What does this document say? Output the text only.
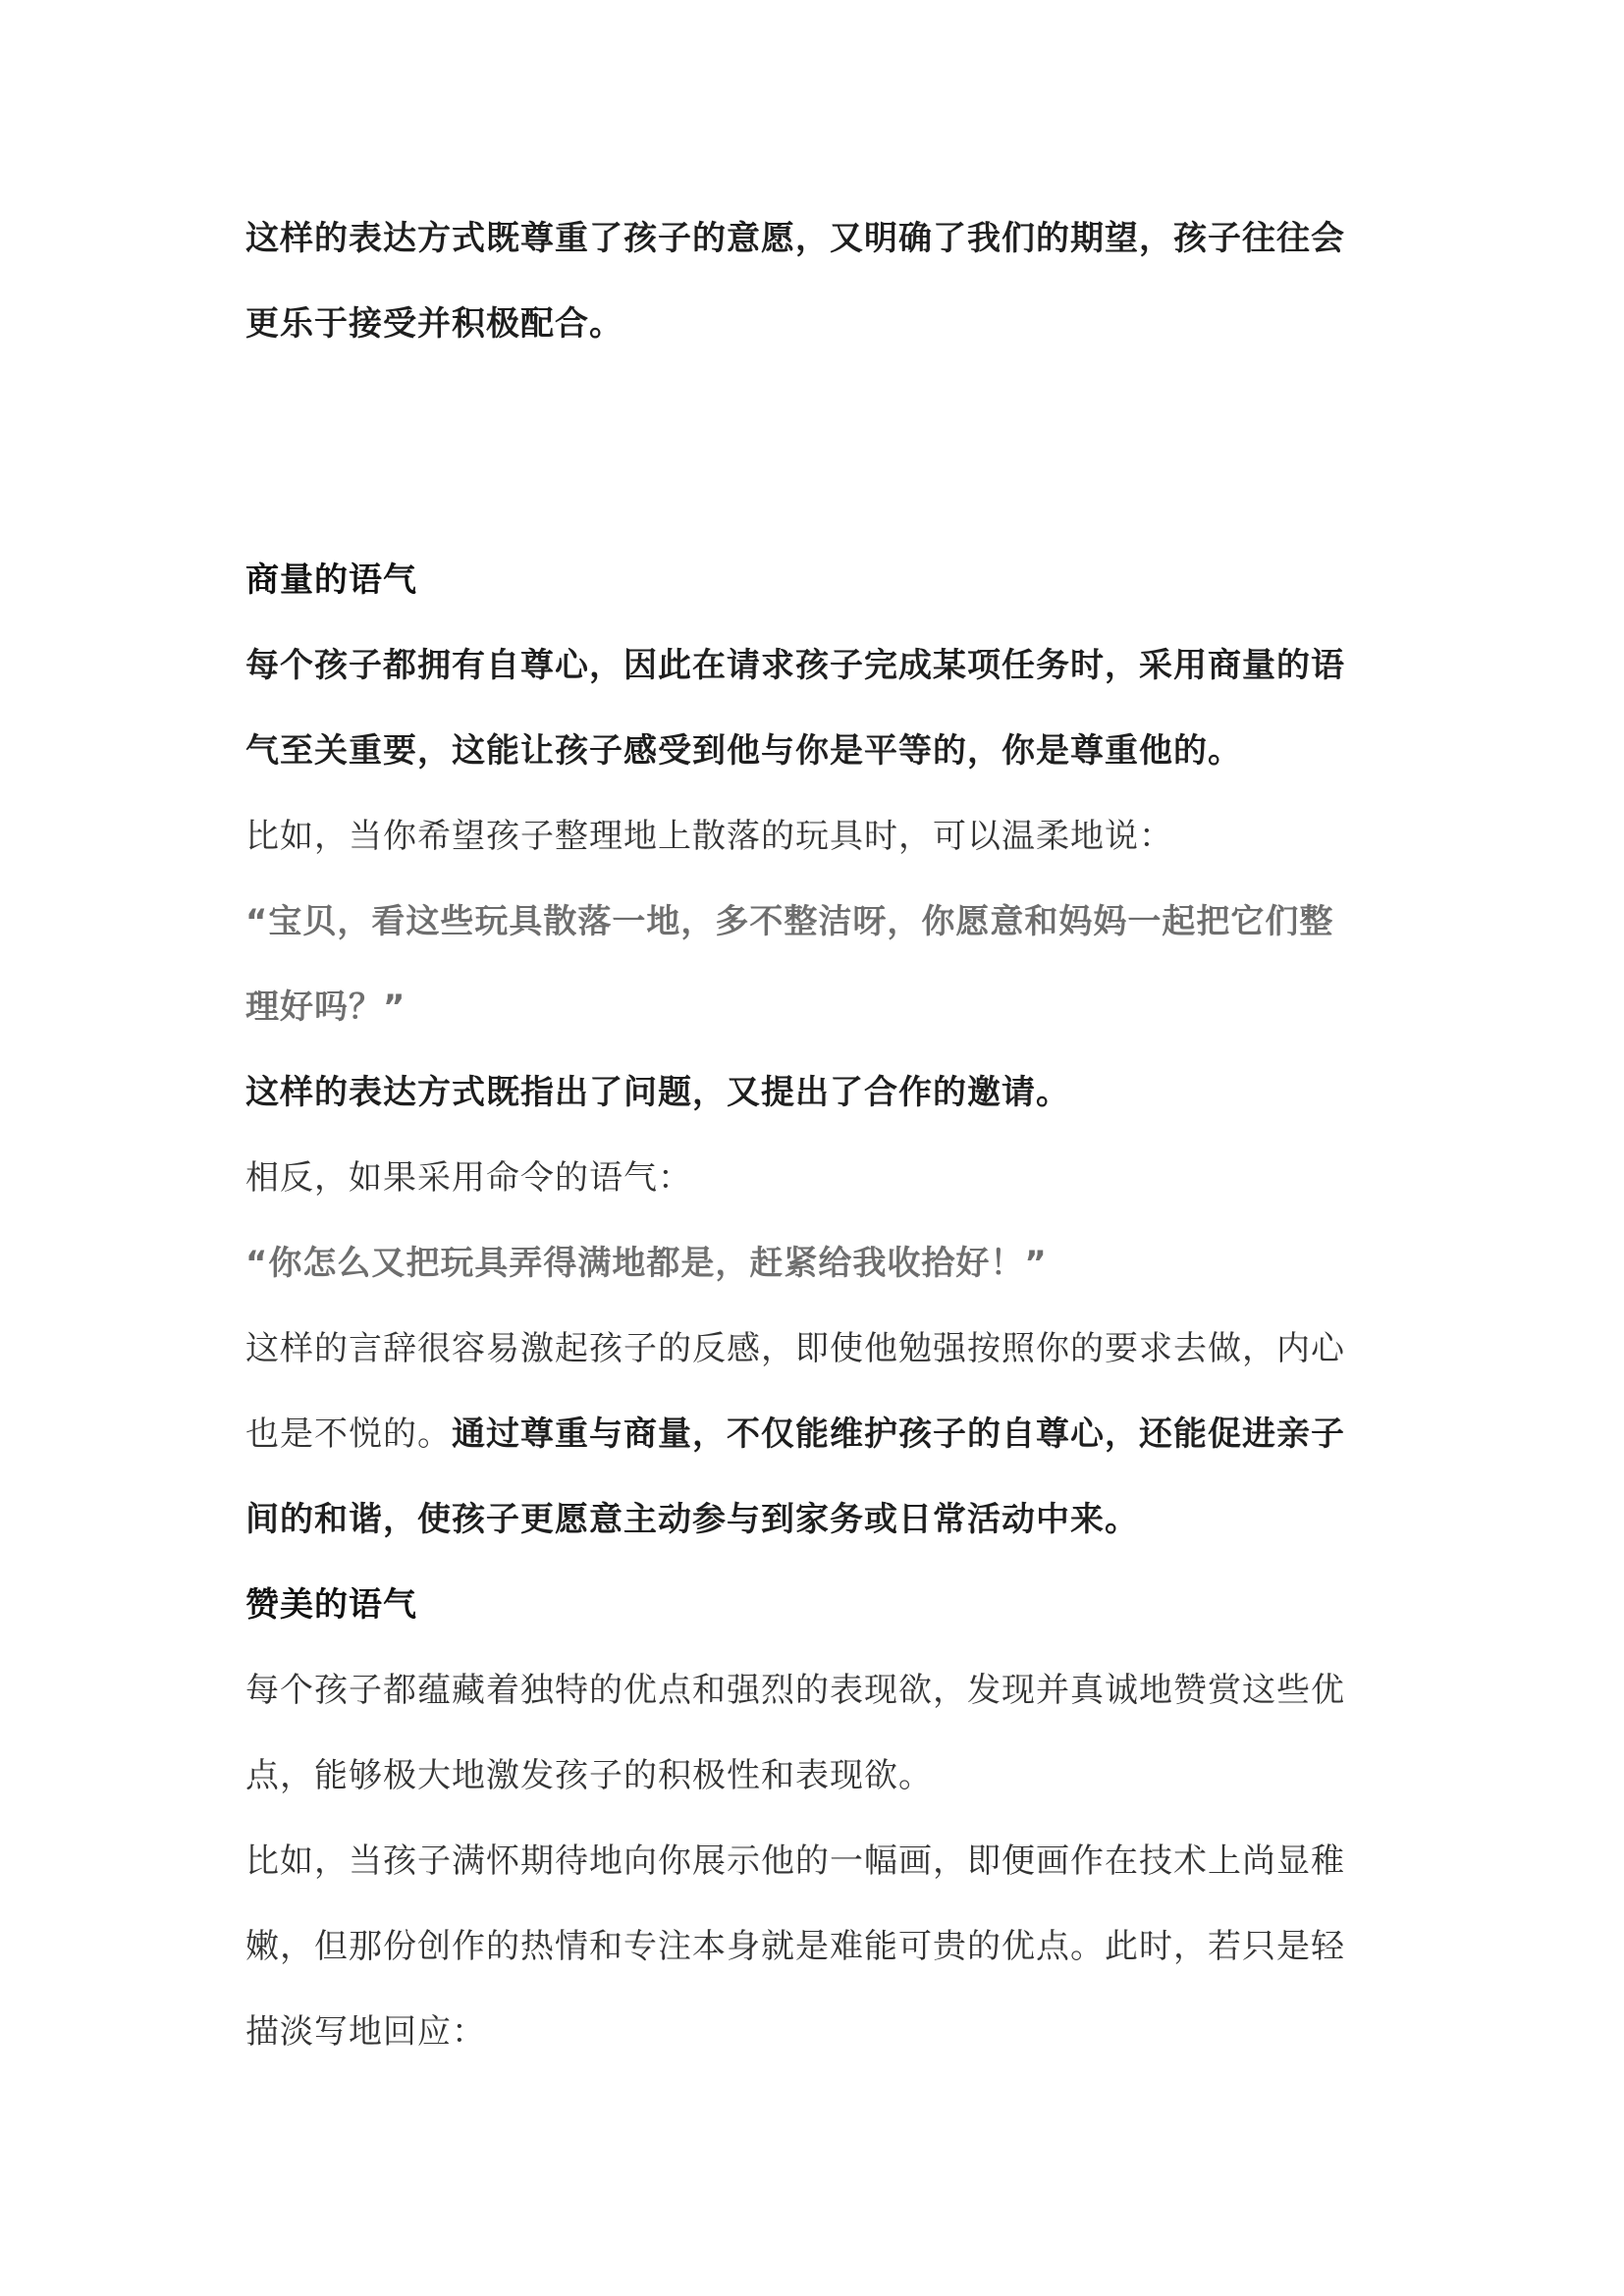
这样的表达方式既尊重了孩子的意愿，又明确了我们的期望，孩子往往会
更乐于接受并积极配合。
商量的语气
每个孩子都拥有自尊心，因此在请求孩子完成某项任务时，采用商量的语
气至关重要，这能让孩子感受到他与你是平等的，你是尊重他的。
比如，当你希望孩子整理地上散落的玩具时，可以温柔地说：
“宝贝，看这些玩具散落一地，多不整洁呀，你愿意和妈妈一起把它们整
理好吗？”
这样的表达方式既指出了问题，又提出了合作的邀请。
相反，如果采用命令的语气：
“你怎么又把玩具弄得满地都是，赶紧给我收拾好！”
这样的言辞很容易激起孩子的反感，即使他勉强按照你的要求去做，内心
也是不悦的。通过尊重与商量，不仅能维护孩子的自尊心，还能促进亲子
间的和谐，使孩子更愿意主动参与到家务或日常活动中来。
赞美的语气
每个孩子都蕴藏着独特的优点和强烈的表现欲，发现并真诚地赞赏这些优
点，能够极大地激发孩子的积极性和表现欲。
比如，当孩子满怀期待地向你展示他的一幅画，即便画作在技术上尚显稚
嫩，但那份创作的热情和专注本身就是难能可贵的优点。此时，若只是轻
描淡写地回应：
